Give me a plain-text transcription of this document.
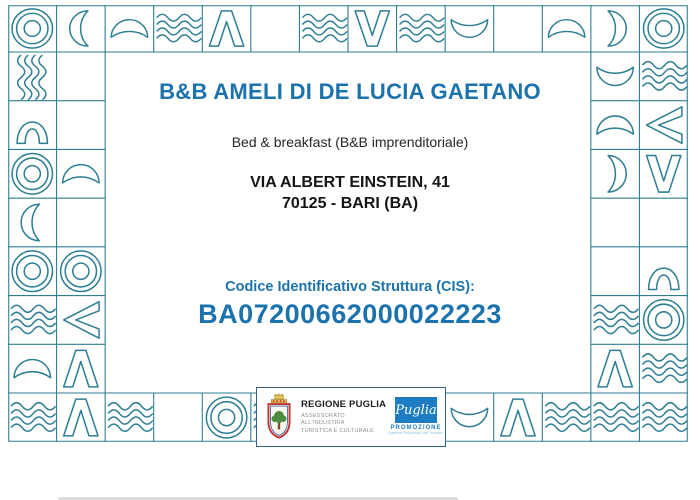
B&B AMELI DI DE LUCIA GAETANO
Bed & breakfast (B&B imprenditoriale)
VIA ALBERT EINSTEIN, 41
70125 - BARI (BA)
Codice Identificativo Struttura (CIS):
BA07200662000022223
REGIONE PUGLIA
ASSESSORATO ALL'INDUSTRIA
TURISTICA E CULTURALE
Puglia
PROMOZIONE
Agenzia Regionale del Turismo
